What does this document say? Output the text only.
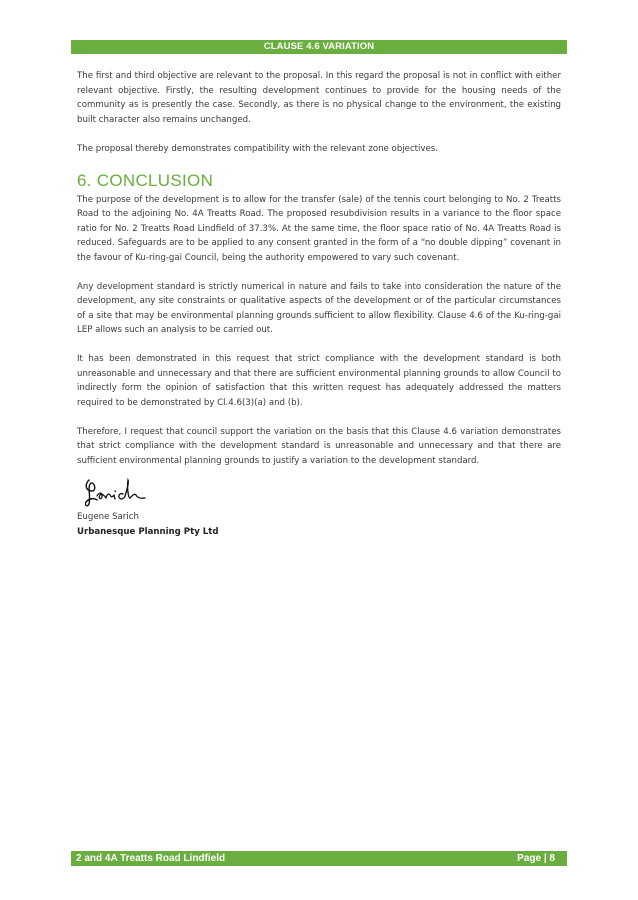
CLAUSE 4.6 VARIATION

The first and third objective are relevant to the proposal. In this regard the proposal is not in conflict with either relevant objective. Firstly, the resulting development continues to provide for the housing needs of the community as is presently the case. Secondly, as there is no physical change to the environment, the existing built character also remains unchanged.

The proposal thereby demonstrates compatibility with the relevant zone objectives.

6. CONCLUSION

The purpose of the development is to allow for the transfer (sale) of the tennis court belonging to No. 2 Treatts Road to the adjoining No. 4A Treatts Road. The proposed resubdivision results in a variance to the floor space ratio for No. 2 Treatts Road Lindfield of 37.3%. At the same time, the floor space ratio of No. 4A Treatts Road is reduced. Safeguards are to be applied to any consent granted in the form of a “no double dipping” covenant in the favour of Ku-ring-gai Council, being the authority empowered to vary such covenant.

Any development standard is strictly numerical in nature and fails to take into consideration the nature of the development, any site constraints or qualitative aspects of the development or of the particular circumstances of a site that may be environmental planning grounds sufficient to allow flexibility. Clause 4.6 of the Ku-ring-gai LEP allows such an analysis to be carried out.

It has been demonstrated in this request that strict compliance with the development standard is both unreasonable and unnecessary and that there are sufficient environmental planning grounds to allow Council to indirectly form the opinion of satisfaction that this written request has adequately addressed the matters required to be demonstrated by Cl.4.6(3)(a) and (b).

Therefore, I request that council support the variation on the basis that this Clause 4.6 variation demonstrates that strict compliance with the development standard is unreasonable and unnecessary and that there are sufficient environmental planning grounds to justify a variation to the development standard.

Eugene Sarich
Urbanesque Planning Pty Ltd
2 and 4A Treatts Road Lindfield	Page | 8
